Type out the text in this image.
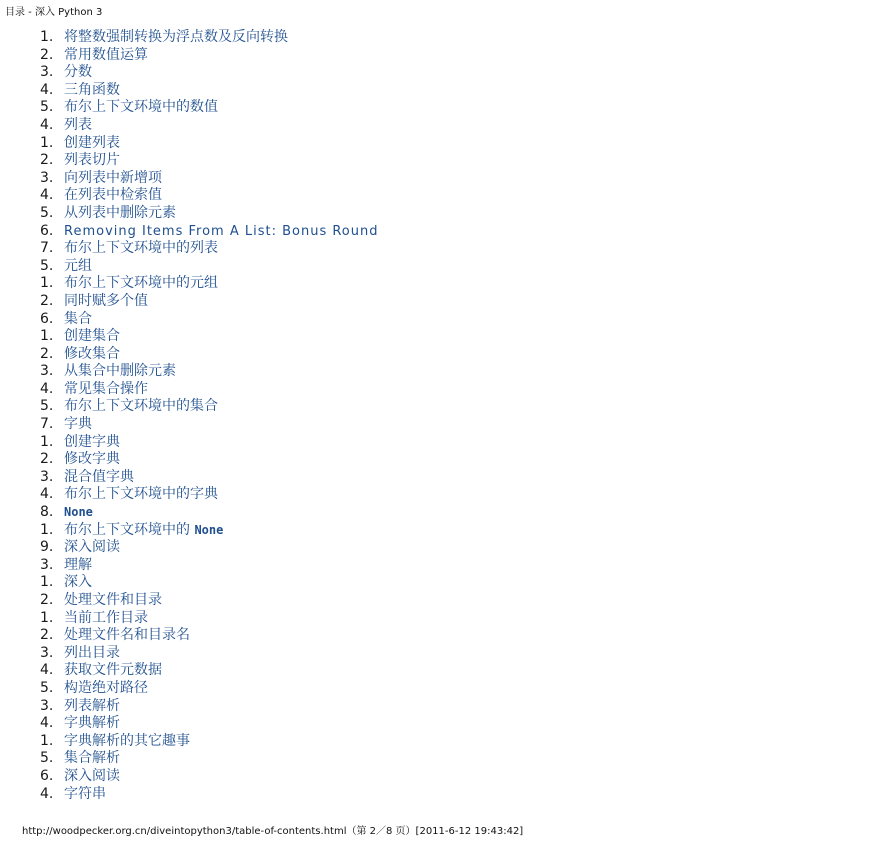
目录 - 深入 Python 3
1. 将整数强制转换为浮点数及反向转换
2. 常用数值运算
3. 分数
4. 三角函数
5. 布尔上下文环境中的数值
4. 列表
1. 创建列表
2. 列表切片
3. 向列表中新增项
4. 在列表中检索值
5. 从列表中删除元素
6. Removing Items From A List: Bonus Round
7. 布尔上下文环境中的列表
5. 元组
1. 布尔上下文环境中的元组
2. 同时赋多个值
6. 集合
1. 创建集合
2. 修改集合
3. 从集合中删除元素
4. 常见集合操作
5. 布尔上下文环境中的集合
7. 字典
1. 创建字典
2. 修改字典
3. 混合值字典
4. 布尔上下文环境中的字典
8. None
1. 布尔上下文环境中的 None
9. 深入阅读
3. 理解
1. 深入
2. 处理文件和目录
1. 当前工作目录
2. 处理文件名和目录名
3. 列出目录
4. 获取文件元数据
5. 构造绝对路径
3. 列表解析
4. 字典解析
1. 字典解析的其它趣事
5. 集合解析
6. 深入阅读
4. 字符串
http://woodpecker.org.cn/diveintopython3/table-of-contents.html（第 2／8 页）[2011-6-12 19:43:42]
